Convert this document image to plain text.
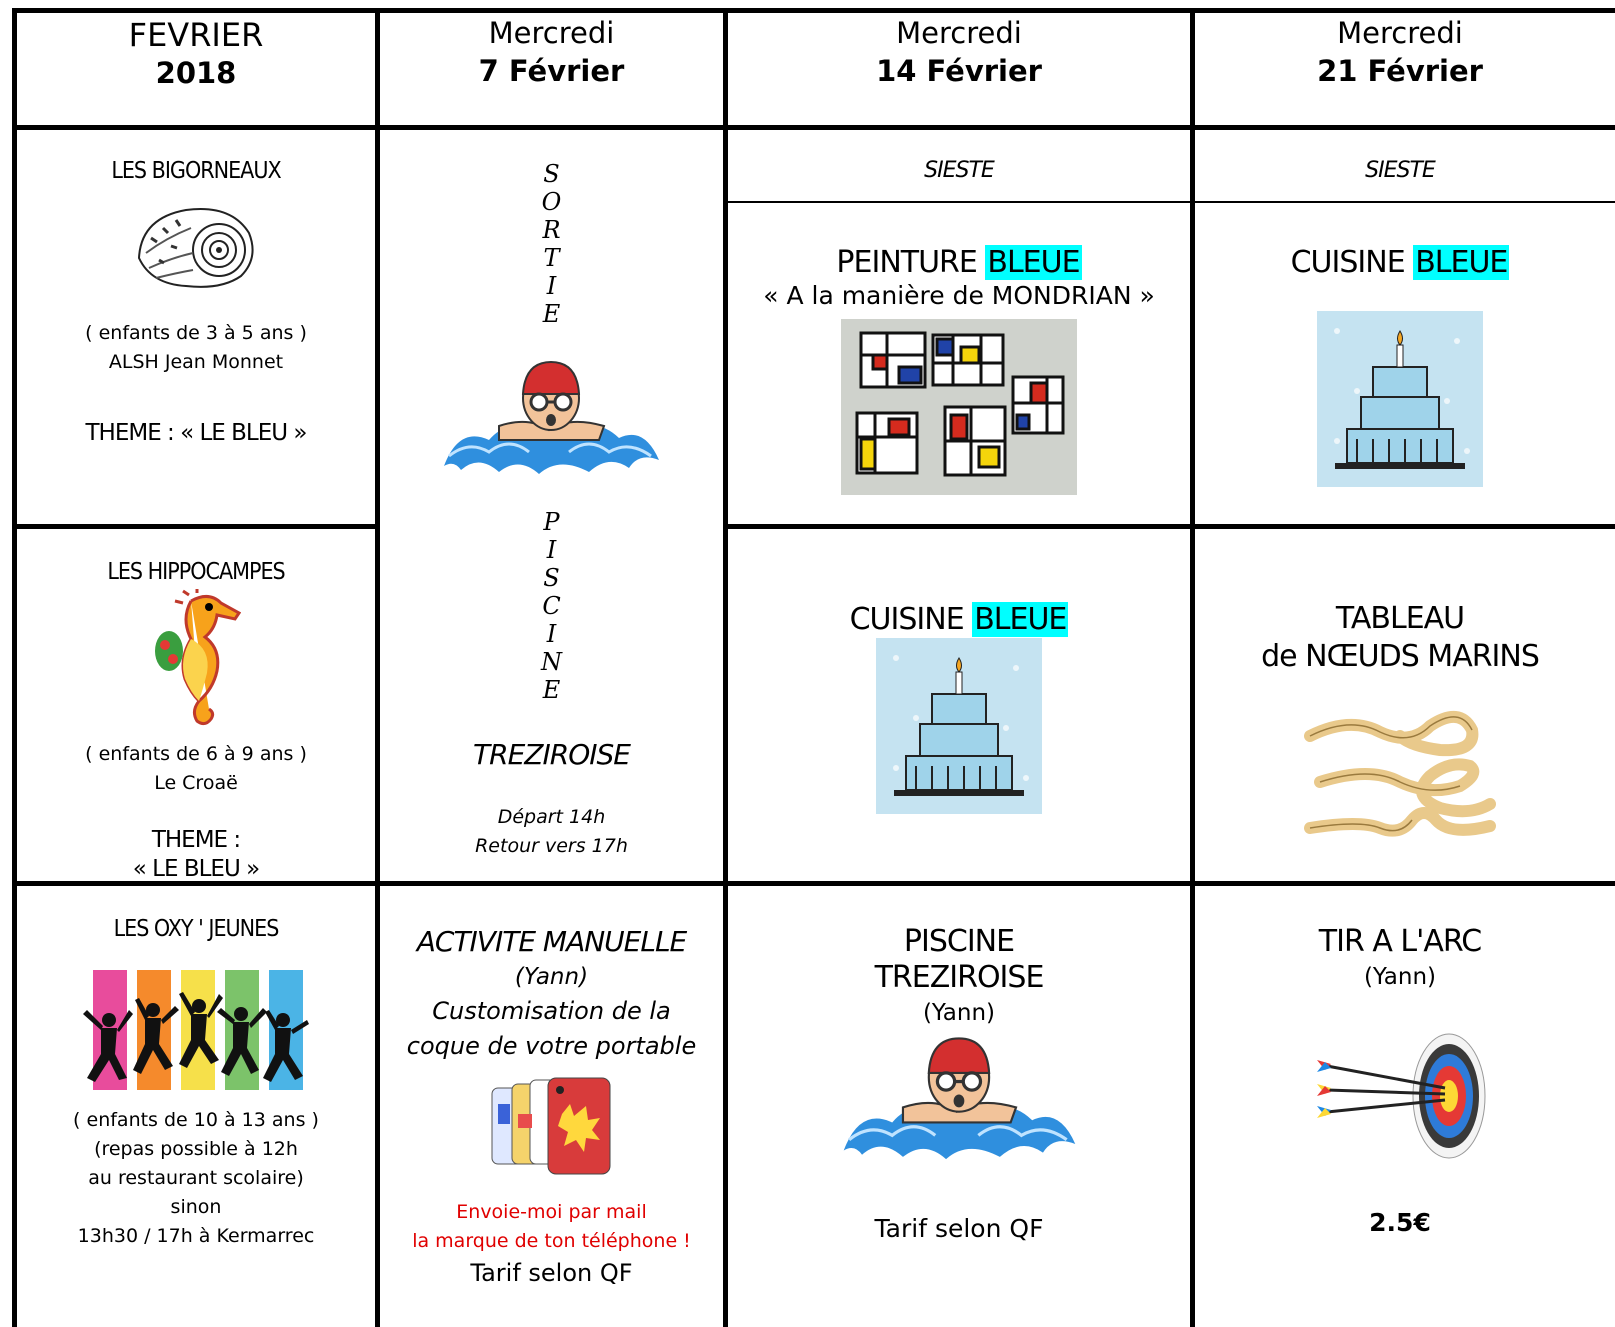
FEVRIER
2018
Mercredi
7 Février
Mercredi
14 Février
Mercredi
21 Février
LES BIGORNEAUX
( enfants de 3 à 5 ans )
ALSH Jean Monnet
THEME : « LE BLEU »
LES HIPPOCAMPES
( enfants de 6 à 9 ans )
Le Croaë
THEME :
« LE BLEU »
LES OXY ' JEUNES
( enfants de 10 à 13 ans )
(repas possible à 12h
au restaurant scolaire)
sinon
13h30 / 17h à Kermarrec
S
O
R
T
I
E
P
I
S
C
I
N
E
TREZIROISE
Départ 14h
Retour vers 17h
ACTIVITE MANUELLE
(Yann)
Customisation de la
coque de votre portable
Envoie-moi par mail
la marque de ton téléphone !
Tarif selon QF
SIESTE
PEINTURE BLEUE
« A la manière de MONDRIAN »
CUISINE BLEUE
PISCINE
TREZIROISE
(Yann)
Tarif selon QF
SIESTE
CUISINE BLEUE
TABLEAU
de NŒUDS MARINS
TIR A L'ARC
(Yann)
2.5€
